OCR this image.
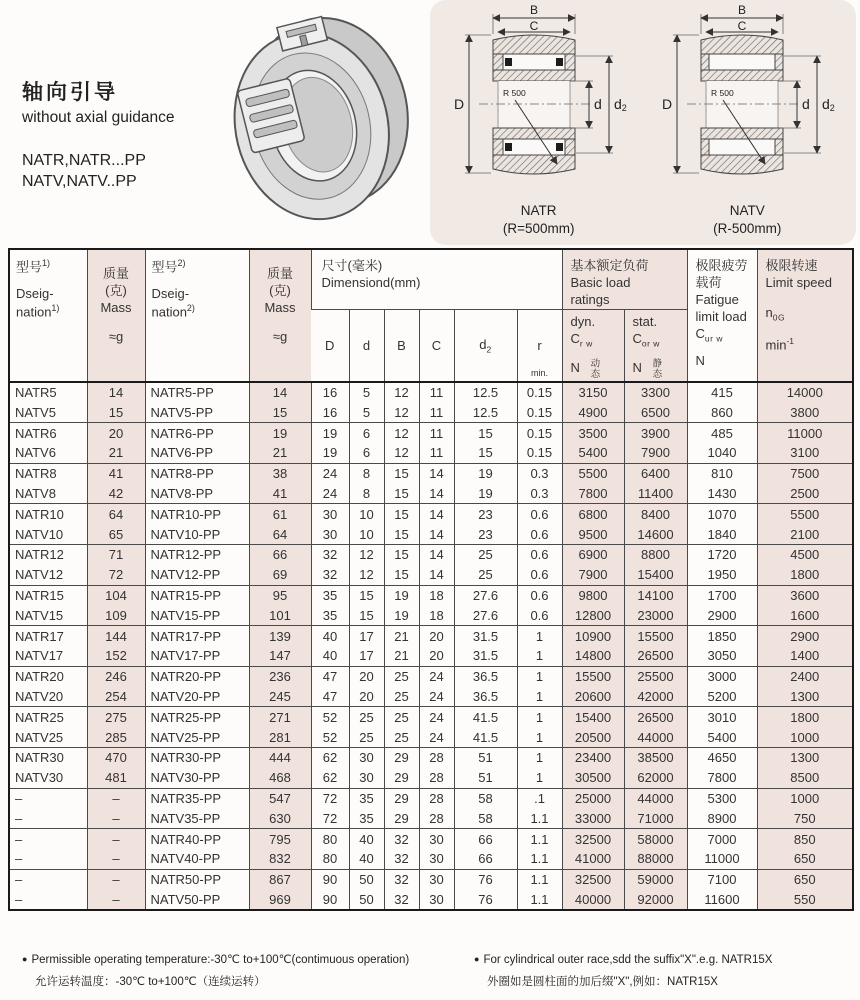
轴向引导
without axial guidance
NATR,NATR...PP
NATV,NATV..PP
B
C
D	d d2
R 500
NATR
(R=500mm)
B
C
D	d d2
R 500
NATV
(R-500mm)
型号$^{1)}$
Dseig-
nation$^{1)}$

质量
(克)
Mass
≈g

型号$^{2)}$
Dseig-
nation$^{2)}$

质量
(克)
Mass
≈g

尺寸(毫米)
Dimensiond(mm)

基本额定负荷
Basic load
ratings

极限疲劳
载荷
Fatigue
limit load
$C_{ur w}$
N

极限转速
Limit speed
$n_{0G}$
$\min^{-1}$

D	d	B	C	$d_2$	r
min.

dyn.
$C_{r w}$
N 动态

stat.
$C_{or w}$
N 静态

NATR5	14	NATR5-PP	14	16	5	12	11	12.5	0.15	3150	3300	415	14000
NATV5	15	NATV5-PP	15	16	5	12	11	12.5	0.15	4900	6500	860	3800
NATR6	20	NATR6-PP	19	19	6	12	11	15	0.15	3500	3900	485	11000
NATV6	21	NATV6-PP	21	19	6	12	11	15	0.15	5400	7900	1040	3100
NATR8	41	NATR8-PP	38	24	8	15	14	19	0.3	5500	6400	810	7500
NATV8	42	NATV8-PP	41	24	8	15	14	19	0.3	7800	11400	1430	2500
NATR10	64	NATR10-PP	61	30	10	15	14	23	0.6	6800	8400	1070	5500
NATV10	65	NATV10-PP	64	30	10	15	14	23	0.6	9500	14600	1840	2100
NATR12	71	NATR12-PP	66	32	12	15	14	25	0.6	6900	8800	1720	4500
NATV12	72	NATV12-PP	69	32	12	15	14	25	0.6	7900	15400	1950	1800
NATR15	104	NATR15-PP	95	35	15	19	18	27.6	0.6	9800	14100	1700	3600
NATV15	109	NATV15-PP	101	35	15	19	18	27.6	0.6	12800	23000	2900	1600
NATR17	144	NATR17-PP	139	40	17	21	20	31.5	1	10900	15500	1850	2900
NATV17	152	NATV17-PP	147	40	17	21	20	31.5	1	14800	26500	3050	1400
NATR20	246	NATR20-PP	236	47	20	25	24	36.5	1	15500	25500	3000	2400
NATV20	254	NATV20-PP	245	47	20	25	24	36.5	1	20600	42000	5200	1300
NATR25	275	NATR25-PP	271	52	25	25	24	41.5	1	15400	26500	3010	1800
NATV25	285	NATV25-PP	281	52	25	25	24	41.5	1	20500	44000	5400	1000
NATR30	470	NATR30-PP	444	62	30	29	28	51	1	23400	38500	4650	1300
NATV30	481	NATV30-PP	468	62	30	29	28	51	1	30500	62000	7800	8500
–	–	NATR35-PP	547	72	35	29	28	58	.1	25000	44000	5300	1000
–	–	NATV35-PP	630	72	35	29	28	58	1.1	33000	71000	8900	750
–	–	NATR40-PP	795	80	40	32	30	66	1.1	32500	58000	7000	850
–	–	NATV40-PP	832	80	40	32	30	66	1.1	41000	88000	11000	650
–	–	NATR50-PP	867	90	50	32	30	76	1.1	32500	59000	7100	650
–	–	NATV50-PP	969	90	50	32	30	76	1.1	40000	92000	11600	550
● Permissible operating temperature:-30℃ to+100℃(contimuous operation)
允许运转温度：-30℃ to+100℃（连续运转）
● For cylindrical outer race,sdd the suffix"X".e.g. NATR15X
外圈如是圆柱面的加后缀"X",例如：NATR15X
